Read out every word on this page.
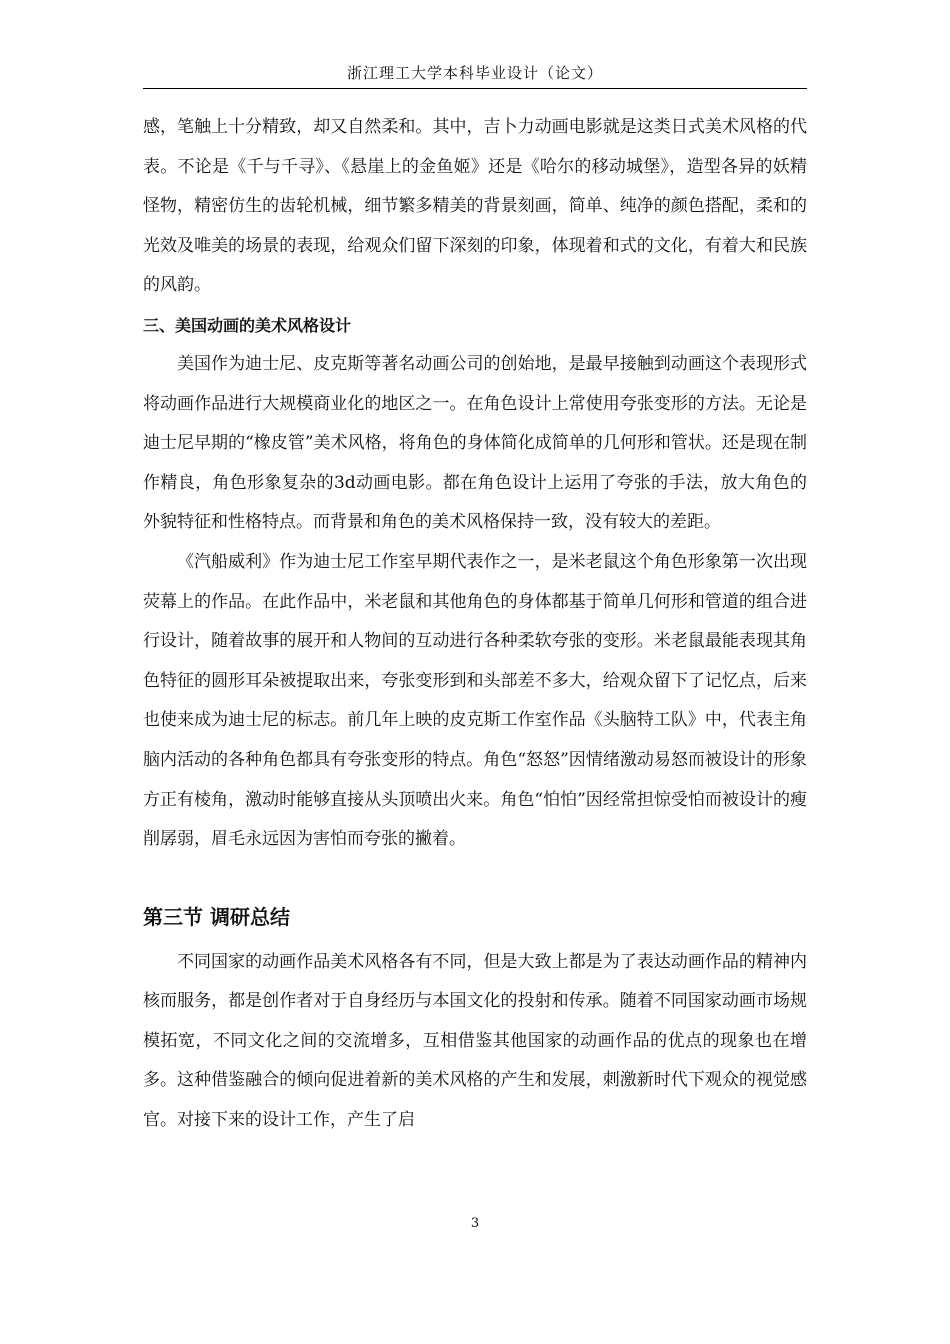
浙江理工大学本科毕业设计（论文）

感，笔触上十分精致，却又自然柔和。其中，吉卜力动画电影就是这类日式美术风格的代表。不论是《千与千寻》、《悬崖上的金鱼姬》还是《哈尔的移动城堡》，造型各异的妖精怪物，精密仿生的齿轮机械，细节繁多精美的背景刻画，简单、纯净的颜色搭配，柔和的光效及唯美的场景的表现，给观众们留下深刻的印象，体现着和式的文化，有着大和民族的风韵。

三、美国动画的美术风格设计

美国作为迪士尼、皮克斯等著名动画公司的创始地，是最早接触到动画这个表现形式将动画作品进行大规模商业化的地区之一。在角色设计上常使用夸张变形的方法。无论是迪士尼早期的“橡皮管”美术风格，将角色的身体简化成简单的几何形和管状。还是现在制作精良，角色形象复杂的3d动画电影。都在角色设计上运用了夸张的手法，放大角色的外貌特征和性格特点。而背景和角色的美术风格保持一致，没有较大的差距。

《汽船威利》作为迪士尼工作室早期代表作之一，是米老鼠这个角色形象第一次出现荧幕上的作品。在此作品中，米老鼠和其他角色的身体都基于简单几何形和管道的组合进行设计，随着故事的展开和人物间的互动进行各种柔软夸张的变形。米老鼠最能表现其角色特征的圆形耳朵被提取出来，夸张变形到和头部差不多大，给观众留下了记忆点，后来也使来成为迪士尼的标志。前几年上映的皮克斯工作室作品《头脑特工队》中，代表主角脑内活动的各种角色都具有夸张变形的特点。角色“怒怒”因情绪激动易怒而被设计的形象方正有棱角，激动时能够直接从头顶喷出火来。角色“怕怕”因经常担惊受怕而被设计的瘦削孱弱，眉毛永远因为害怕而夸张的撇着。

第三节 调研总结

不同国家的动画作品美术风格各有不同，但是大致上都是为了表达动画作品的精神内核而服务，都是创作者对于自身经历与本国文化的投射和传承。随着不同国家动画市场规模拓宽，不同文化之间的交流增多，互相借鉴其他国家的动画作品的优点的现象也在增多。这种借鉴融合的倾向促进着新的美术风格的产生和发展，刺激新时代下观众的视觉感官。对接下来的设计工作，产生了启

3
